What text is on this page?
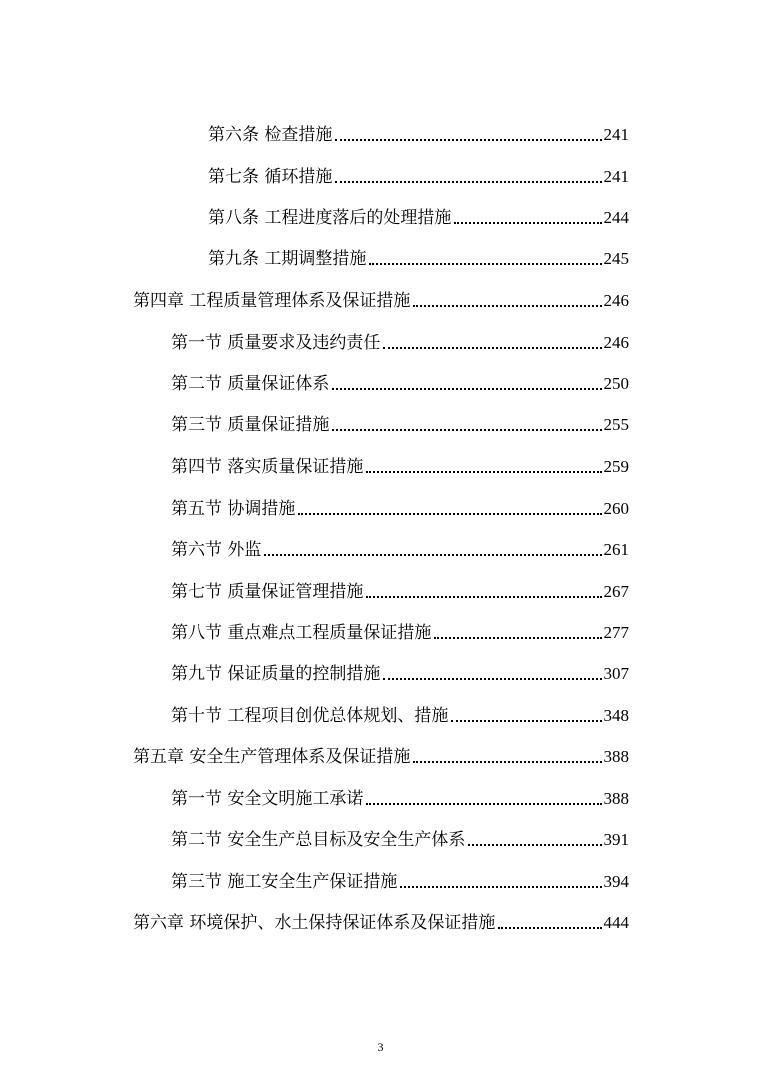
第六条 检查措施	241
第七条 循环措施	241
第八条 工程进度落后的处理措施	244
第九条 工期调整措施	245
第四章 工程质量管理体系及保证措施	246
第一节 质量要求及违约责任	246
第二节 质量保证体系	250
第三节 质量保证措施	255
第四节 落实质量保证措施	259
第五节 协调措施	260
第六节 外监	261
第七节 质量保证管理措施	267
第八节 重点难点工程质量保证措施	277
第九节 保证质量的控制措施	307
第十节 工程项目创优总体规划、措施	348
第五章 安全生产管理体系及保证措施	388
第一节 安全文明施工承诺	388
第二节 安全生产总目标及安全生产体系	391
第三节 施工安全生产保证措施	394
第六章 环境保护、水土保持保证体系及保证措施	444
3
